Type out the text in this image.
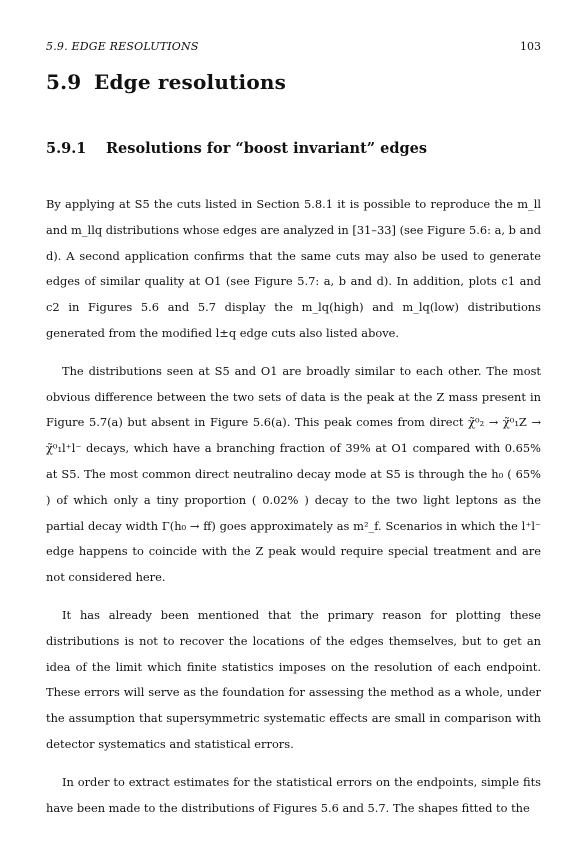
5.9. EDGE RESOLUTIONS	103
5.9 Edge resolutions
5.9.1 Resolutions for “boost invariant” edges

By applying at S5 the cuts listed in Section 5.8.1 it is possible to reproduce the m_ll and m_llq distributions whose edges are analyzed in [31–33] (see Figure 5.6: a, b and d). A second application confirms that the same cuts may also be used to generate edges of similar quality at O1 (see Figure 5.7: a, b and d). In addition, plots c1 and c2 in Figures 5.6 and 5.7 display the m_lq(high) and m_lq(low) distributions generated from the modified l±q edge cuts also listed above.

The distributions seen at S5 and O1 are broadly similar to each other. The most obvious difference between the two sets of data is the peak at the Z mass present in Figure 5.7(a) but absent in Figure 5.6(a). This peak comes from direct χ̃⁰₂ → χ̃⁰₁Z → χ̃⁰₁l⁺l⁻ decays, which have a branching fraction of 39% at O1 compared with 0.65% at S5. The most common direct neutralino decay mode at S5 is through the h₀ ( 65% ) of which only a tiny proportion ( 0.02% ) decay to the two light leptons as the partial decay width Γ(h₀ → ff) goes approximately as m²_f. Scenarios in which the l⁺l⁻ edge happens to coincide with the Z peak would require special treatment and are not considered here.

It has already been mentioned that the primary reason for plotting these distributions is not to recover the locations of the edges themselves, but to get an idea of the limit which finite statistics imposes on the resolution of each endpoint. These errors will serve as the foundation for assessing the method as a whole, under the assumption that supersymmetric systematic effects are small in comparison with detector systematics and statistical errors.

In order to extract estimates for the statistical errors on the endpoints, simple fits have been made to the distributions of Figures 5.6 and 5.7. The shapes fitted to the
